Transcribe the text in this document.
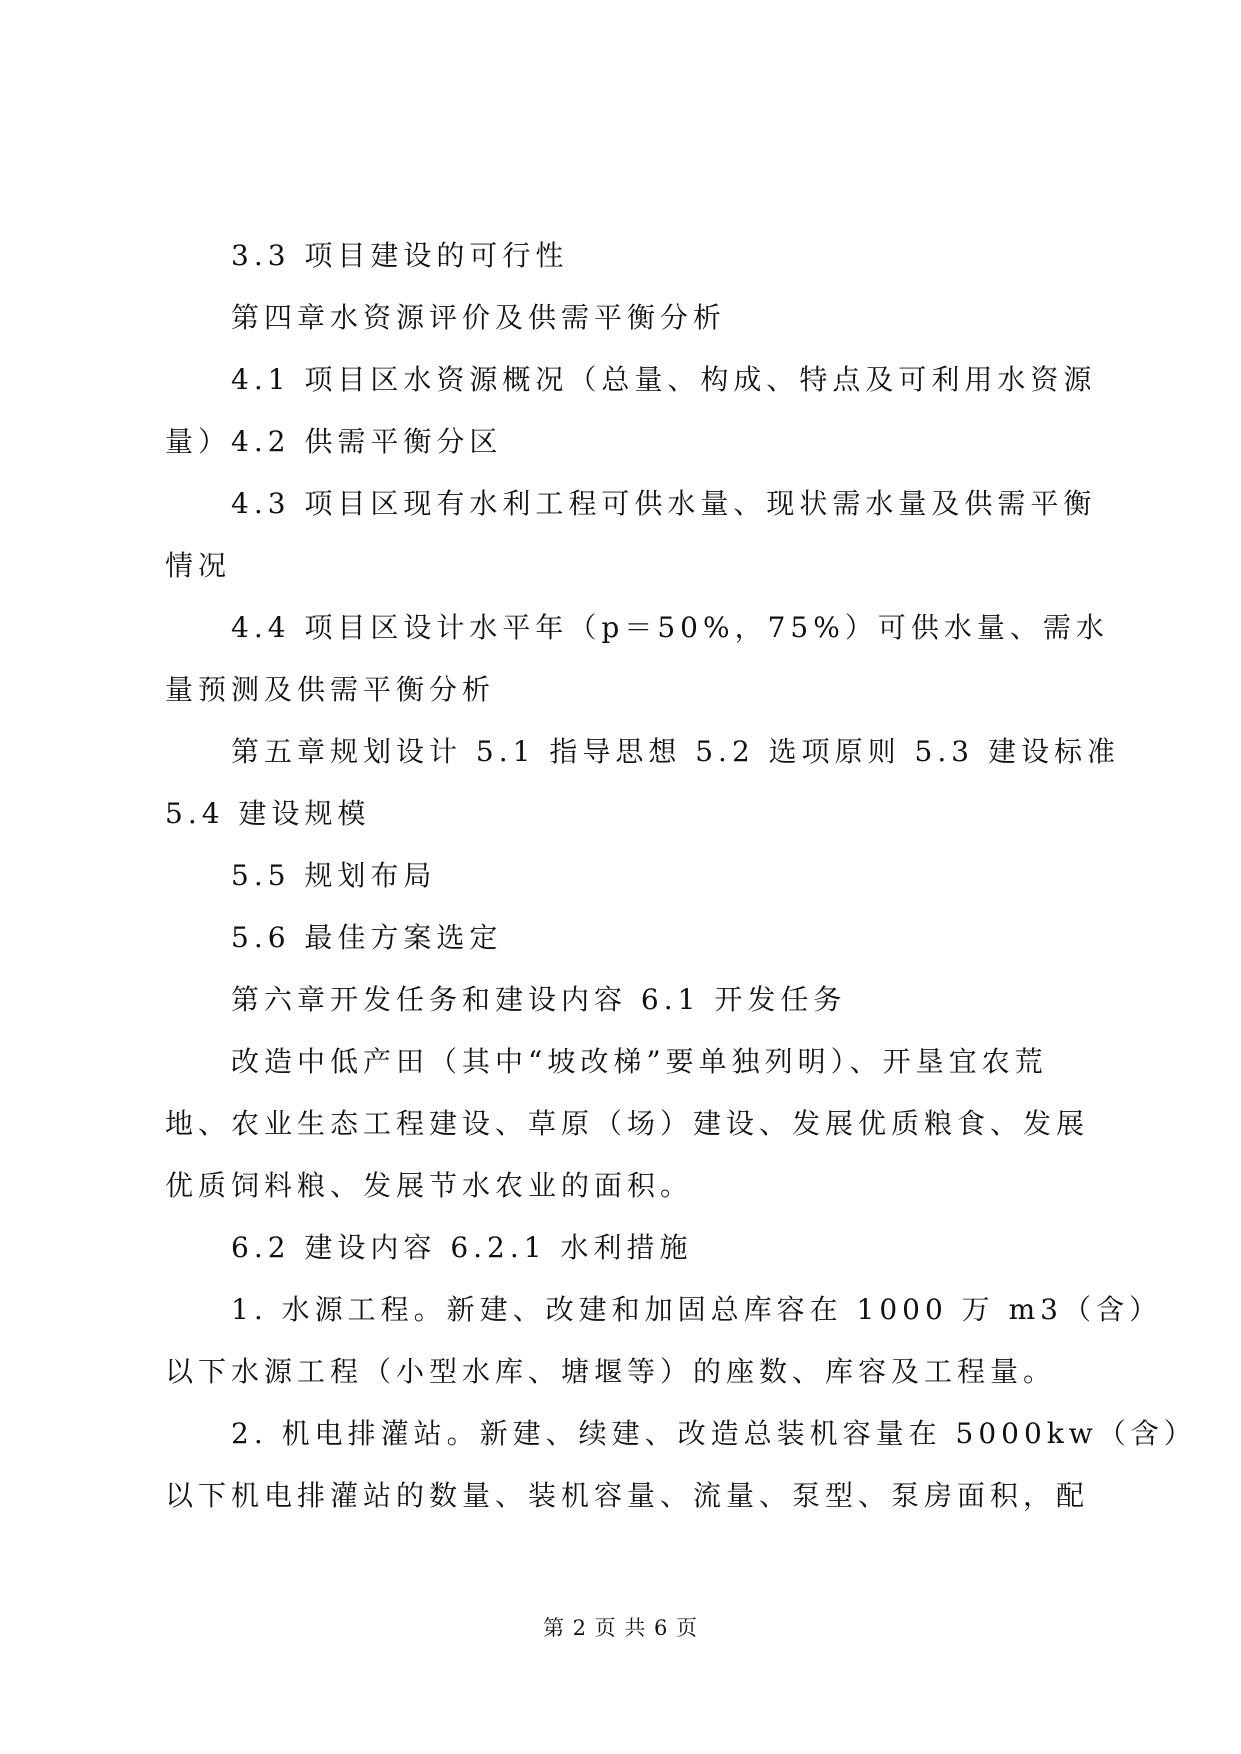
3.3 项目建设的可行性
第四章水资源评价及供需平衡分析
4.1 项目区水资源概况（总量、构成、特点及可利用水资源
量）4.2 供需平衡分区
4.3 项目区现有水利工程可供水量、现状需水量及供需平衡
情况
4.4 项目区设计水平年（p＝50%，75%）可供水量、需水
量预测及供需平衡分析
第五章规划设计 5.1 指导思想 5.2 选项原则 5.3 建设标准
5.4 建设规模
5.5 规划布局
5.6 最佳方案选定
第六章开发任务和建设内容 6.1 开发任务
改造中低产田（其中“坡改梯”要单独列明）、开垦宜农荒
地、农业生态工程建设、草原（场）建设、发展优质粮食、发展
优质饲料粮、发展节水农业的面积。
6.2 建设内容 6.2.1 水利措施
1. 水源工程。新建、改建和加固总库容在 1000 万 m3（含）
以下水源工程（小型水库、塘堰等）的座数、库容及工程量。
2. 机电排灌站。新建、续建、改造总装机容量在 5000kw（含）
以下机电排灌站的数量、装机容量、流量、泵型、泵房面积，配
第 2 页 共 6 页
